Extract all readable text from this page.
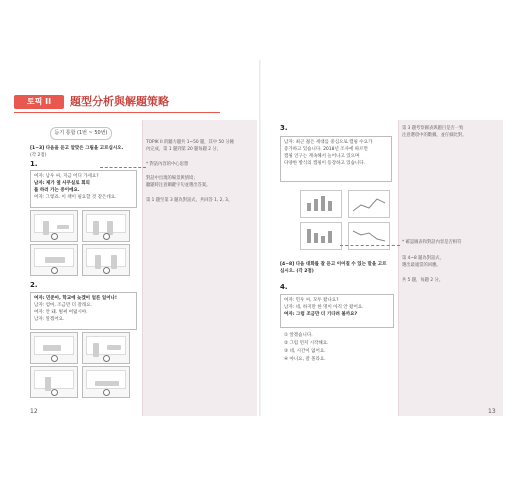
토픽 II	題型分析與解題策略
듣기 통합 (1번 ~ 50번)
[1~3] 다음을 듣고 알맞은 그림을 고르십시오.
(각 2점)
1.
여자: 남우 씨, 지금 어디 가세요?
남자: 제가 옆 사무실로 회의
를 하러 가는 중이에요.
여자: 그렇죠. 이 책이 필요할 것 같은데요.
2.
여자: 민준아, 학교에 늦겠어 얼른 일어나!
남자: 엄마, 조금만 더 잘래요.
여자: 안 돼. 벌써 여덟시야.
남자: 알겠어요.
TOPIK II 的聽力題共 1~50 題，其中 50 分鐘
內完成，第 1 題到第 20 題每題 2 分，
* 對話內容的中心思想
對話中出現的場景與情境；
聽題時注意關鍵字句並選出答案。
第 1 題至第 3 題為對話式，共回答 1, 2, 3。
12
3.
남자: 최근 젊은 세대를 중심으로 캠핑 수요가
증가하고 있습니다. 2018년 조사에 따르면
캠핑 인구는 계속해서 늘어나고 있으며
다양한 방식의 캠핑이 등장하고 있습니다.
[4~8] 다음 대화를 잘 듣고 이어질 수 있는 말을 고르
십시오. (각 2점)
4.
여자: 민우 씨, 모두 왔나요?
남자: 네, 하지만 한 명이 아직 안 왔어요.
여자: 그럼 조금만 더 기다려 볼까요?
① 알겠습니다.
② 그럼 먼저 시작해요.
③ 네, 시간이 없어요.
④ 아니요, 잘 몰라요.
第 3 題考察圖表與題目是否一致
注意選項中的數據，並仔細比對。
* 確認圖表和對話內容是否相符
第 4~8 題為對話式，
選出最適當的回應。
共 5 題，每題 2 分。
13
